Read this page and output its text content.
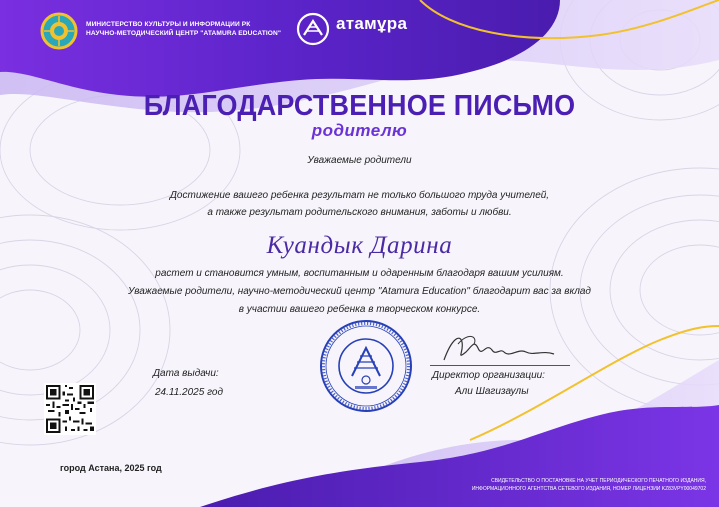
МИНИСТЕРСТВО КУЛЬТУРЫ И ИНФОРМАЦИИ РК
НАУЧНО-МЕТОДИЧЕСКИЙ ЦЕНТР "ATAMURA EDUCATION"
атамұра
БЛАГОДАРСТВЕННОЕ ПИСЬМО
родителю
Уважаемые родители
Достижение вашего ребенка результат не только большого труда учителей,
а также результат родительского внимания, заботы и любви.
Куандык Дарина
растет и становится умным, воспитанным и одаренным благодаря вашим усилиям.
Уважаемые родители, научно-методический центр "Atamura Education" благодарит вас за вклад
в участии вашего ребенка в творческом конкурсе.
Дата выдачи:
24.11.2025 год
Директор организации:
Али Шагизаулы
город Астана, 2025 год
СВИДЕТЕЛЬСТВО О ПОСТАНОВКЕ НА УЧЕТ ПЕРИОДИЧЕСКОГО ПЕЧАТНОГО ИЗДАНИЯ,
ИНФОРМАЦИОННОГО АГЕНТСТВА СЕТЕВОГО ИЗДАНИЯ, НОМЕР ЛИЦЕНЗИИ KZ83VPY00049702
